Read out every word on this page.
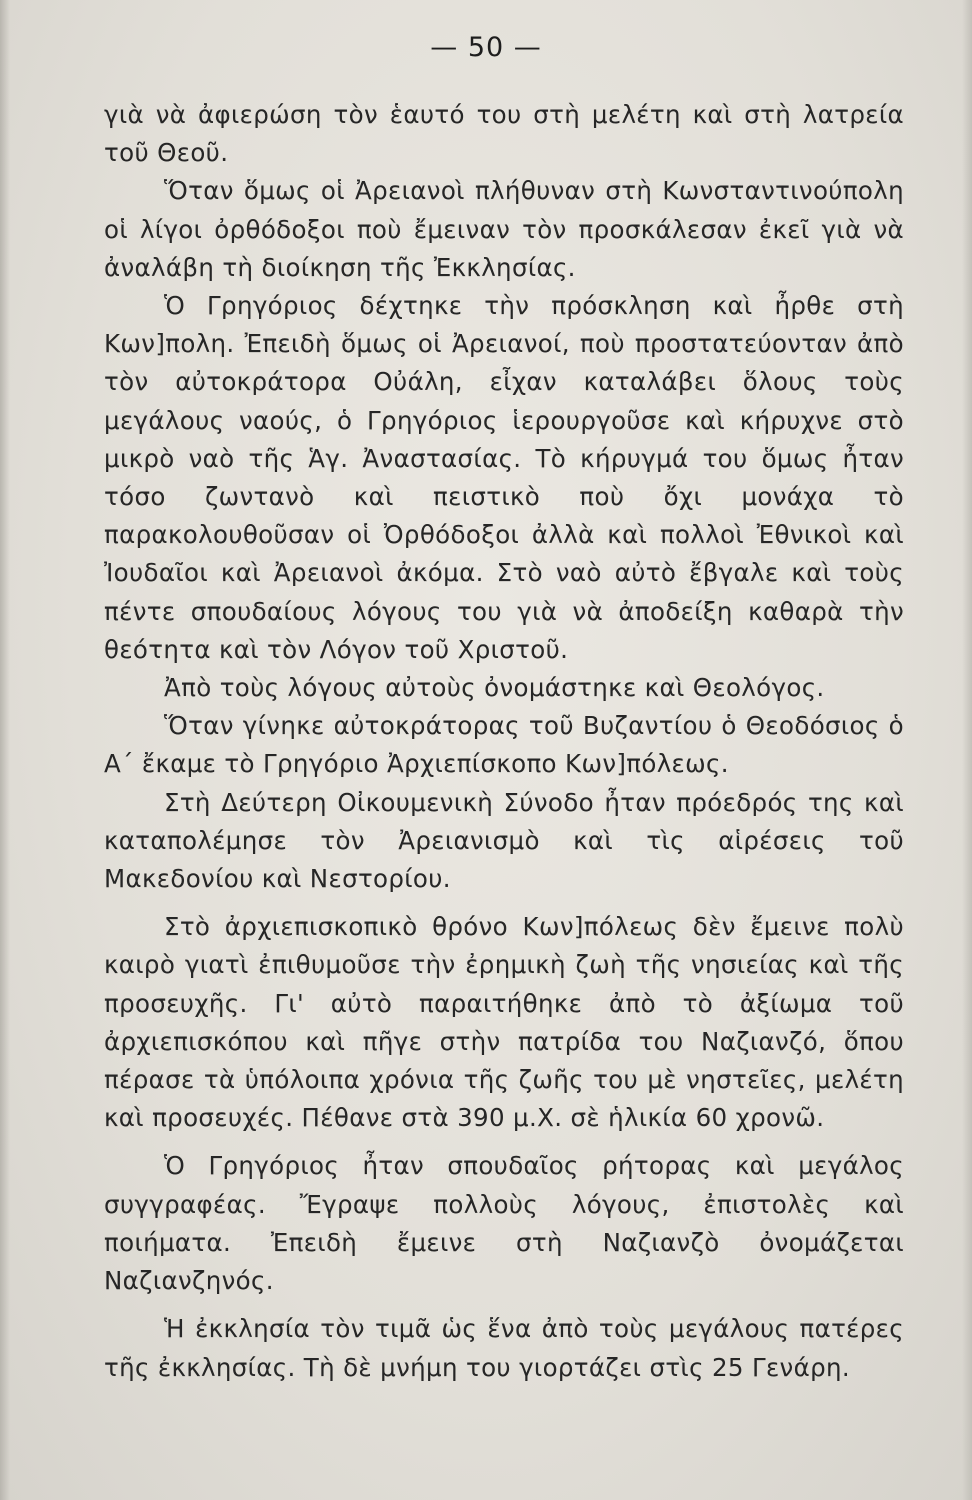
— 50 —

γιὰ νὰ ἀφιερώση τὸν ἑαυτό του στὴ μελέτη καὶ στὴ λατρεία τοῦ Θεοῦ.

Ὅταν ὅμως οἱ Ἀρειανοὶ πλήθυναν στὴ Κωνσταντινούπολη οἱ λίγοι ὀρθόδοξοι ποὺ ἔμειναν τὸν προσκάλεσαν ἐκεῖ γιὰ νὰ ἀναλάβη τὴ διοίκηση τῆς Ἐκκλησίας.

Ὁ Γρηγόριος δέχτηκε τὴν πρόσκληση καὶ ἦρθε στὴ Κων]πολη. Ἐπειδὴ ὅμως οἱ Ἀρειανοί, ποὺ προστατεύονταν ἀπὸ τὸν αὐτοκράτορα Οὐάλη, εἶχαν καταλάβει ὅλους τοὺς μεγάλους ναούς, ὁ Γρηγόριος ἱερουργοῦσε καὶ κήρυχνε στὸ μικρὸ ναὸ τῆς Ἁγ. Ἀναστασίας. Τὸ κήρυγμά του ὅμως ἦταν τόσο ζωντανὸ καὶ πειστικὸ ποὺ ὄχι μονάχα τὸ παρακολουθοῦσαν οἱ Ὀρθόδοξοι ἀλλὰ καὶ πολλοὶ Ἐθνικοὶ καὶ Ἰουδαῖοι καὶ Ἀρειανοὶ ἀκόμα. Στὸ ναὸ αὐτὸ ἔβγαλε καὶ τοὺς πέντε σπουδαίους λόγους του γιὰ νὰ ἀποδείξη καθαρὰ τὴν θεότητα καὶ τὸν Λόγον τοῦ Χριστοῦ.

Ἀπὸ τοὺς λόγους αὐτοὺς ὀνομάστηκε καὶ Θεολόγος.

Ὅταν γίνηκε αὐτοκράτορας τοῦ Βυζαντίου ὁ Θεοδόσιος ὁ Α΄ ἔκαμε τὸ Γρηγόριο Ἀρχιεπίσκοπο Κων]πόλεως.

Στὴ Δεύτερη Οἰκουμενικὴ Σύνοδο ἦταν πρόεδρός της καὶ καταπολέμησε τὸν Ἀρειανισμὸ καὶ τὶς αἱρέσεις τοῦ Μακεδονίου καὶ Νεστορίου.

Στὸ ἀρχιεπισκοπικὸ θρόνο Κων]πόλεως δὲν ἔμεινε πολὺ καιρὸ γιατὶ ἐπιθυμοῦσε τὴν ἐρημικὴ ζωὴ τῆς νησιείας καὶ τῆς προσευχῆς. Γι' αὐτὸ παραιτήθηκε ἀπὸ τὸ ἀξίωμα τοῦ ἀρχιεπισκόπου καὶ πῆγε στὴν πατρίδα του Ναζιανζό, ὅπου πέρασε τὰ ὑπόλοιπα χρόνια τῆς ζωῆς του μὲ νηστεῖες, μελέτη καὶ προσευχές. Πέθανε στὰ 390 μ.Χ. σὲ ἡλικία 60 χρονῶ.

Ὁ Γρηγόριος ἦταν σπουδαῖος ρήτορας καὶ μεγάλος συγγραφέας. Ἔγραψε πολλοὺς λόγους, ἐπιστολὲς καὶ ποιήματα. Ἐπειδὴ ἔμεινε στὴ Ναζιανζὸ ὀνομάζεται Ναζιανζηνός.

Ἡ ἐκκλησία τὸν τιμᾶ ὡς ἕνα ἀπὸ τοὺς μεγάλους πατέρες τῆς ἐκκλησίας. Τὴ δὲ μνήμη του γιορτάζει στὶς 25 Γενάρη.
